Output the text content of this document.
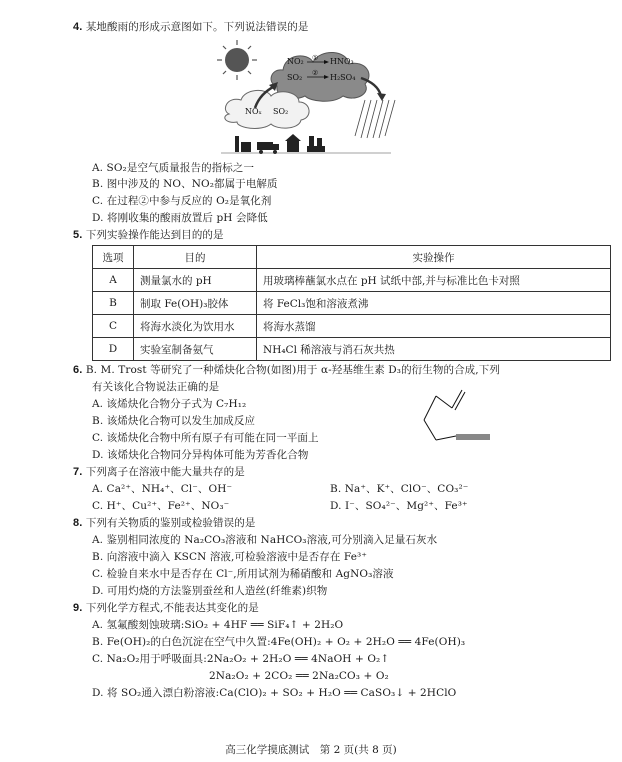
4. 某地酸雨的形成示意图如下。下列说法错误的是
NO₂ ① HNO₃
SO₂ ② H₂SO₄
NOₓ SO₂
A. SO₂是空气质量报告的指标之一
B. 图中涉及的 NO、NO₂都属于电解质
C. 在过程②中参与反应的 O₂是氧化剂
D. 将刚收集的酸雨放置后 pH 会降低
5. 下列实验操作能达到目的的是
选项	目的	实验操作
A	测量氯水的 pH	用玻璃棒蘸氯水点在 pH 试纸中部,并与标准比色卡对照
B	制取 Fe(OH)₃胶体	将 FeCl₃饱和溶液煮沸
C	将海水淡化为饮用水	将海水蒸馏
D	实验室制备氨气	NH₄Cl 稀溶液与消石灰共热
6. B. M. Trost 等研究了一种烯炔化合物(如图)用于 α-羟基维生素 D₃的衍生物的合成,下列
有关该化合物说法正确的是
A. 该烯炔化合物分子式为 C₇H₁₂
B. 该烯炔化合物可以发生加成反应
C. 该烯炔化合物中所有原子有可能在同一平面上
D. 该烯炔化合物同分异构体可能为芳香化合物
7. 下列离子在溶液中能大量共存的是
A. Ca²⁺、NH₄⁺、Cl⁻、OH⁻	B. Na⁺、K⁺、ClO⁻、CO₃²⁻
C. H⁺、Cu²⁺、Fe²⁺、NO₃⁻	D. I⁻、SO₄²⁻、Mg²⁺、Fe³⁺
8. 下列有关物质的鉴别或检验错误的是
A. 鉴别相同浓度的 Na₂CO₃溶液和 NaHCO₃溶液,可分别滴入足量石灰水
B. 向溶液中滴入 KSCN 溶液,可检验溶液中是否存在 Fe³⁺
C. 检验自来水中是否存在 Cl⁻,所用试剂为稀硝酸和 AgNO₃溶液
D. 可用灼烧的方法鉴别蚕丝和人造丝(纤维素)织物
9. 下列化学方程式,不能表达其变化的是
A. 氢氟酸刻蚀玻璃:SiO₂ + 4HF ══ SiF₄↑ + 2H₂O
B. Fe(OH)₂的白色沉淀在空气中久置:4Fe(OH)₂ + O₂ + 2H₂O ══ 4Fe(OH)₃
C. Na₂O₂用于呼吸面具:2Na₂O₂ + 2H₂O ══ 4NaOH + O₂↑
2Na₂O₂ + 2CO₂ ══ 2Na₂CO₃ + O₂
D. 将 SO₂通入漂白粉溶液:Ca(ClO)₂ + SO₂ + H₂O ══ CaSO₃↓ + 2HClO
高三化学摸底测试　第 2 页(共 8 页)
